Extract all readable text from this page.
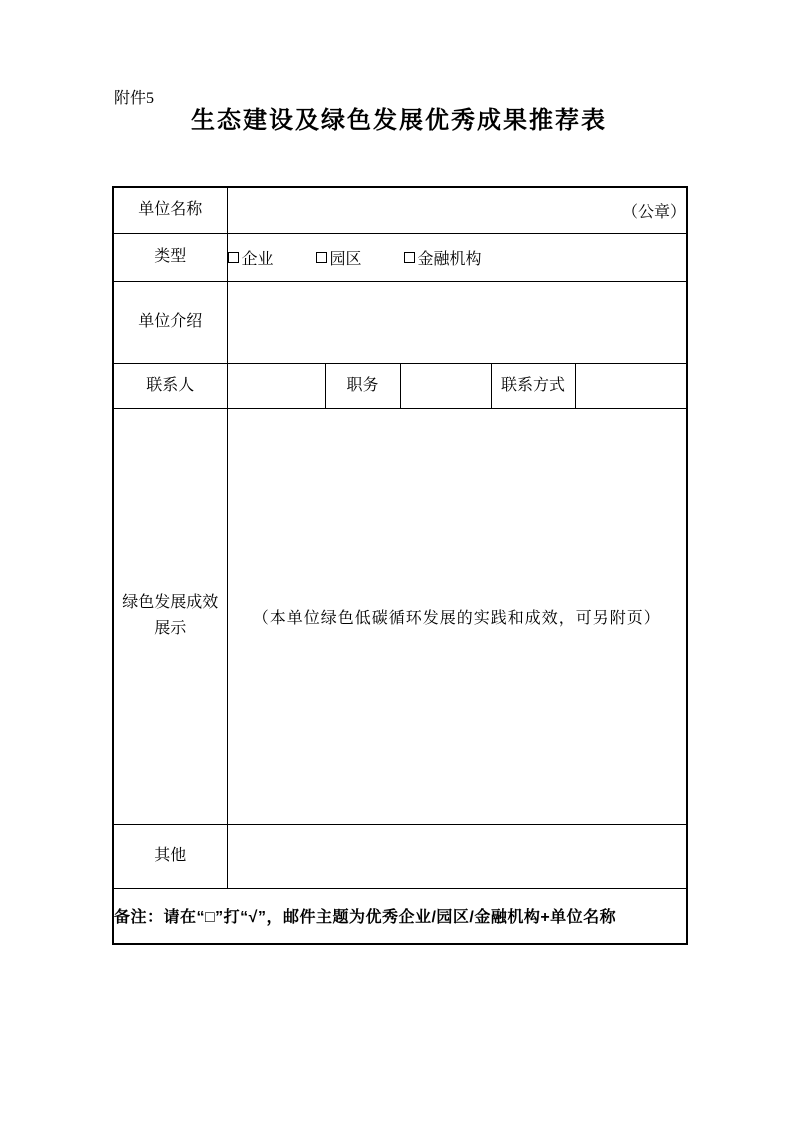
附件5
生态建设及绿色发展优秀成果推荐表
单位名称	（公章）				
类型	企业 园区 金融机构				
单位介绍					
联系人		职务		联系方式	

绿色发展成效
展示	（本单位绿色低碳循环发展的实践和成效，可另附页）				
其他					
备注：请在“□”打“√”，邮件主题为优秀企业/园区/金融机构+单位名称					
